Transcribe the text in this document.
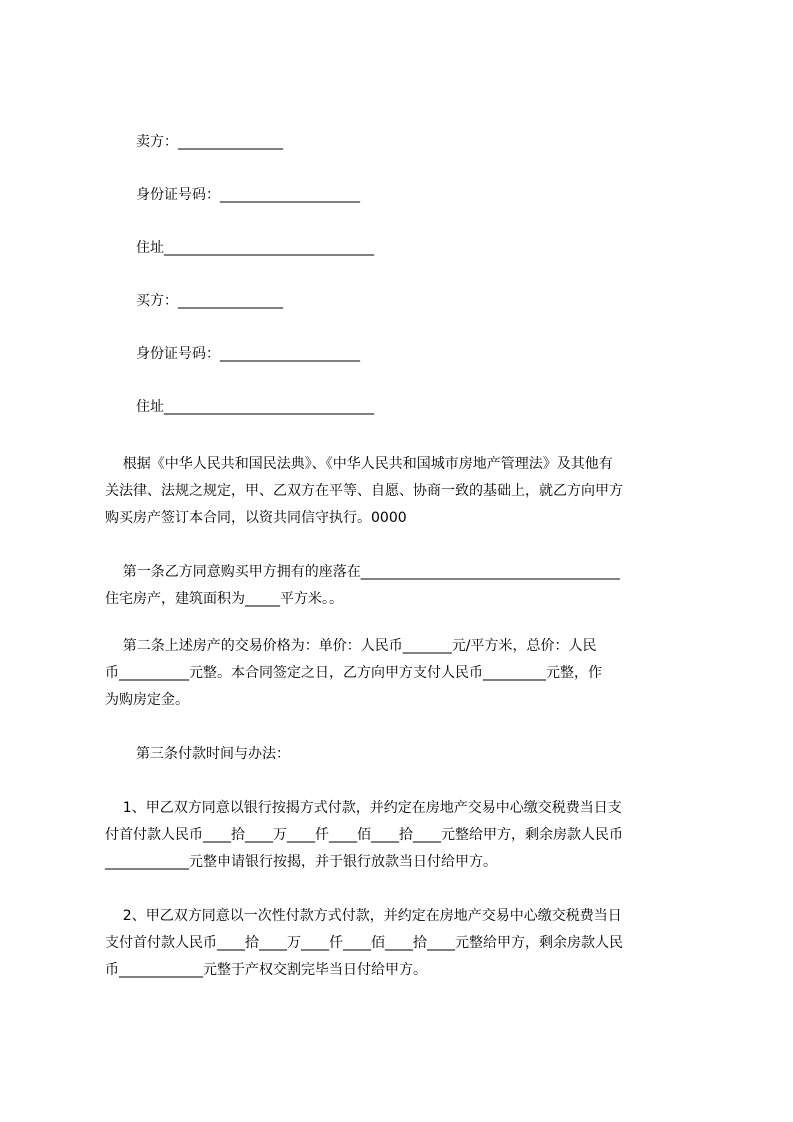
卖方：_______________
身份证号码：____________________
住址______________________________
买方：_______________
身份证号码：____________________
住址______________________________
根据《中华人民共和国民法典》、《中华人民共和国城市房地产管理法》及其他有
关法律、法规之规定，甲、乙双方在平等、自愿、协商一致的基础上，就乙方向甲方
购买房产签订本合同，以资共同信守执行。0000
第一条乙方同意购买甲方拥有的座落在_____________________________________
住宅房产，建筑面积为_____平方米。。
第二条上述房产的交易价格为：单价：人民币_______元/平方米，总价：人民
币__________元整。本合同签定之日，乙方向甲方支付人民币_________元整，作
为购房定金。
第三条付款时间与办法：
1、甲乙双方同意以银行按揭方式付款，并约定在房地产交易中心缴交税费当日支
付首付款人民币____拾____万____仟____佰____拾____元整给甲方，剩余房款人民币
____________元整申请银行按揭，并于银行放款当日付给甲方。
2、甲乙双方同意以一次性付款方式付款，并约定在房地产交易中心缴交税费当日
支付首付款人民币____拾____万____仟____佰____拾____元整给甲方，剩余房款人民
币____________元整于产权交割完毕当日付给甲方。
